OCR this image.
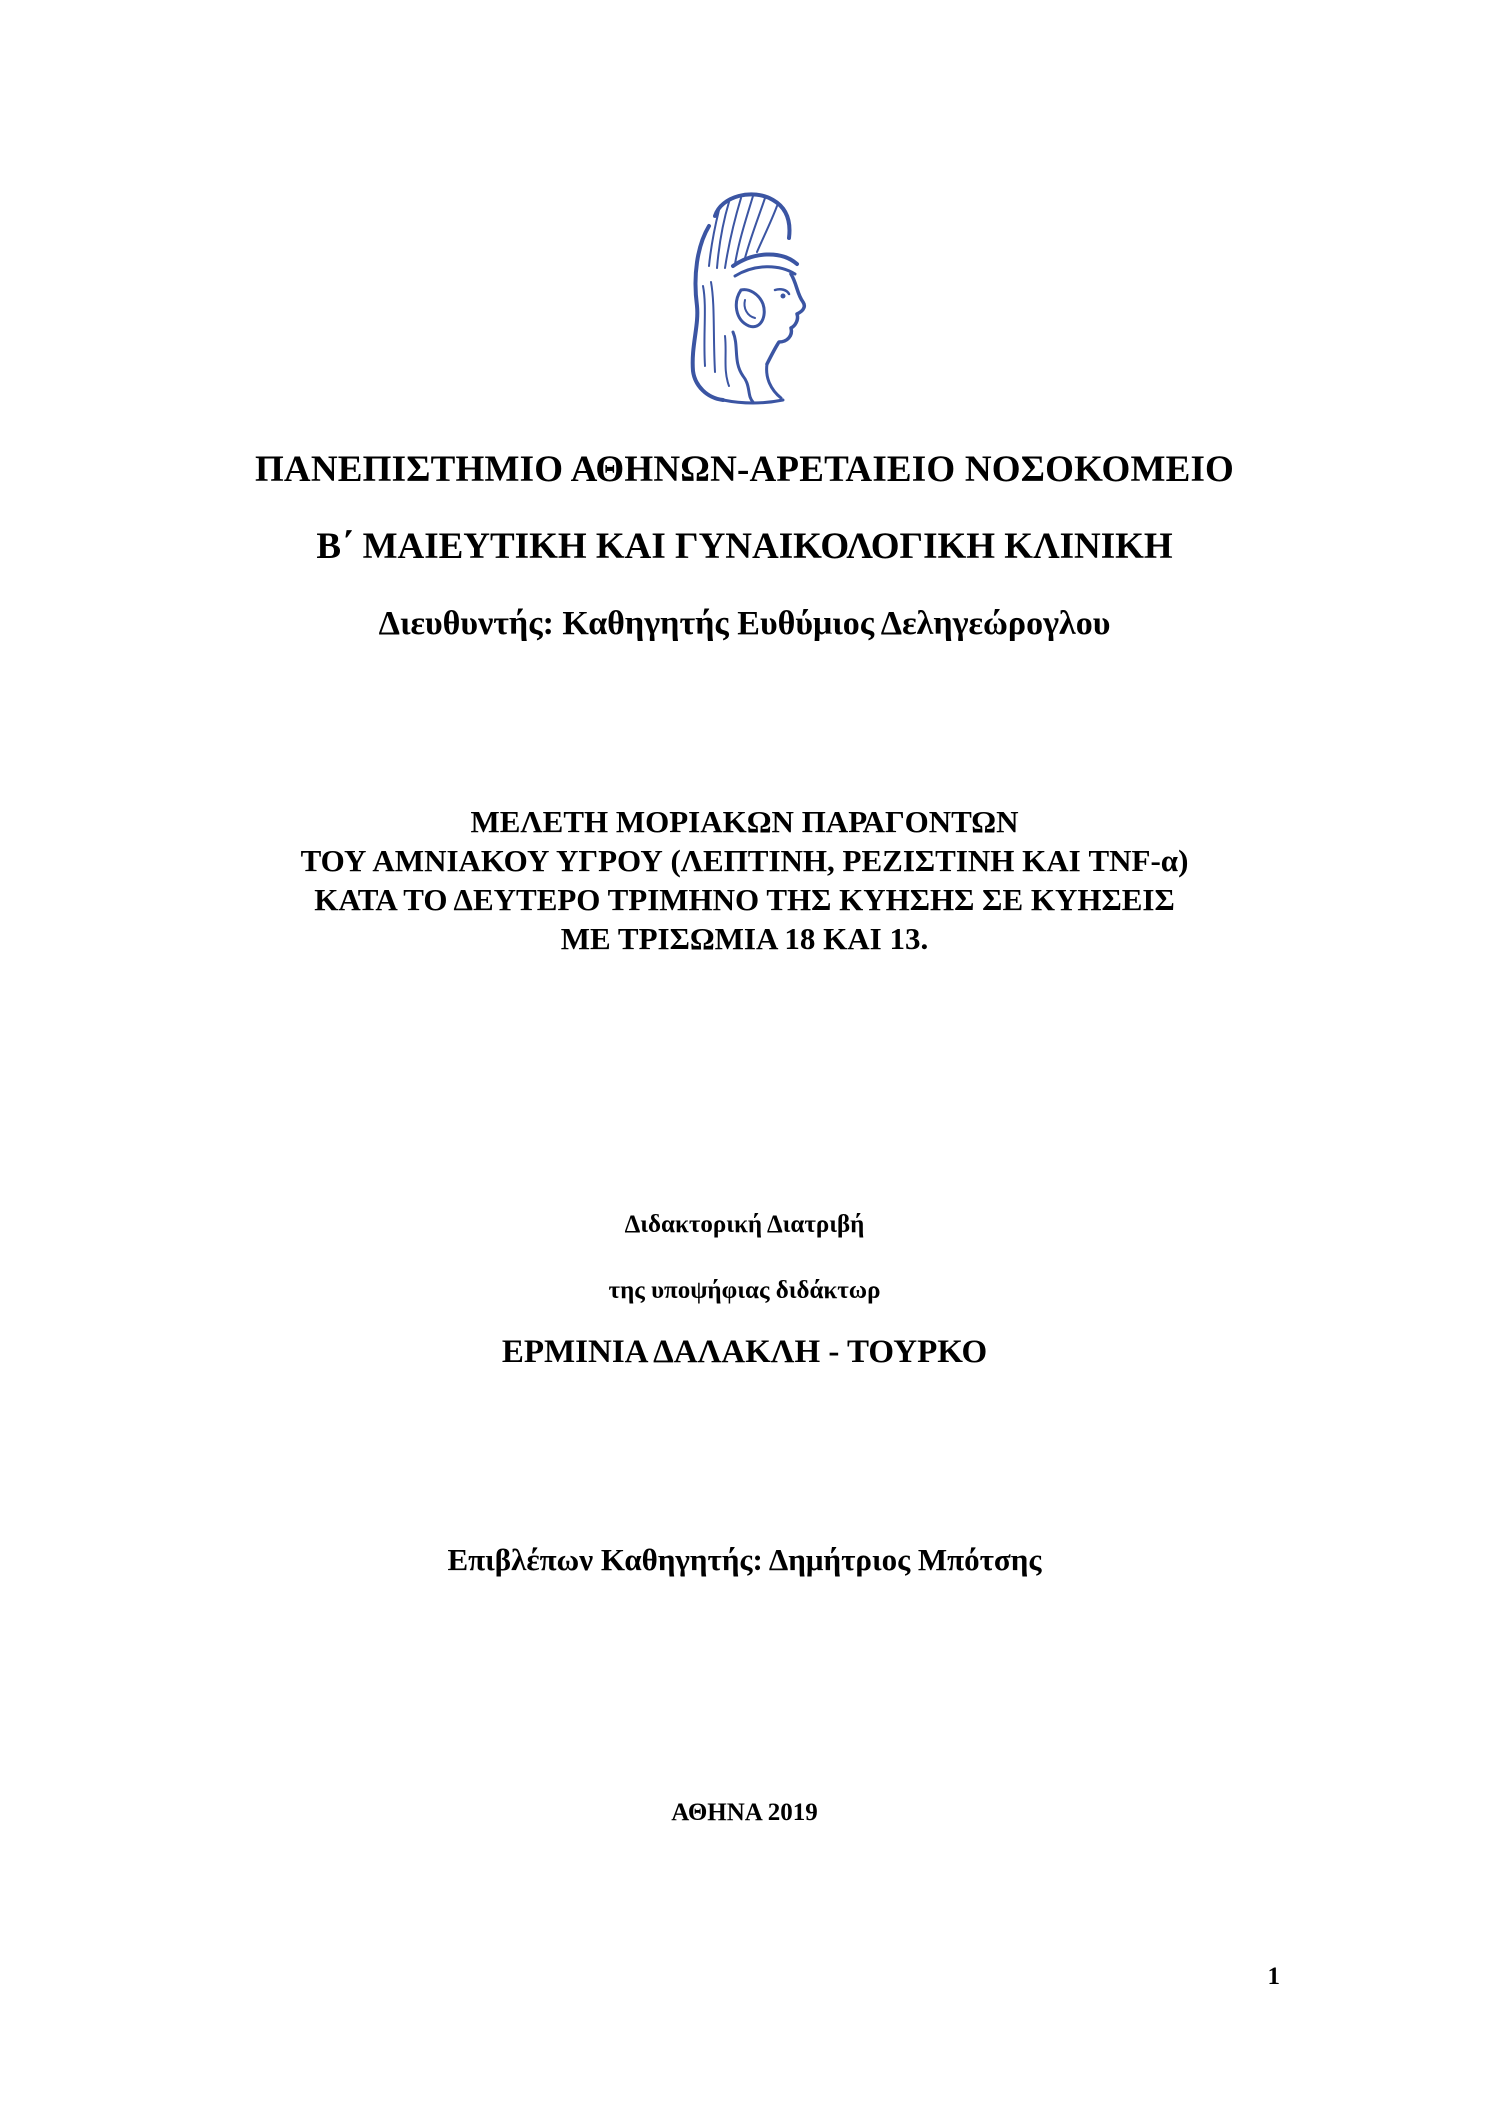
ΠΑΝΕΠΙΣΤΗΜΙΟ ΑΘΗΝΩΝ-ΑΡΕΤΑΙΕΙΟ ΝΟΣΟΚΟΜΕΙΟ
Β΄ ΜΑΙΕΥΤΙΚΗ ΚΑΙ ΓΥΝΑΙΚΟΛΟΓΙΚΗ ΚΛΙΝΙΚΗ
Διευθυντής: Καθηγητής Ευθύμιος Δεληγεώρογλου
ΜΕΛΕΤΗ ΜΟΡΙΑΚΩΝ ΠΑΡΑΓΟΝΤΩΝ
ΤΟΥ ΑΜΝΙΑΚΟΥ ΥΓΡΟΥ (ΛΕΠΤΙΝΗ, ΡΕΖΙΣΤΙΝΗ ΚΑΙ TNF-α)
ΚΑΤΑ ΤΟ ΔΕΥΤΕΡΟ ΤΡΙΜΗΝΟ ΤΗΣ ΚΥΗΣΗΣ ΣΕ ΚΥΗΣΕΙΣ
ΜΕ ΤΡΙΣΩΜΙΑ 18 ΚΑΙ 13.
Διδακτορική Διατριβή
της υποψήφιας διδάκτωρ
ΕΡΜΙΝΙΑ ΔΑΛΑΚΛΗ - ΤΟΥΡΚΟ
Επιβλέπων Καθηγητής: Δημήτριος Μπότσης
ΑΘΗΝΑ 2019
1
